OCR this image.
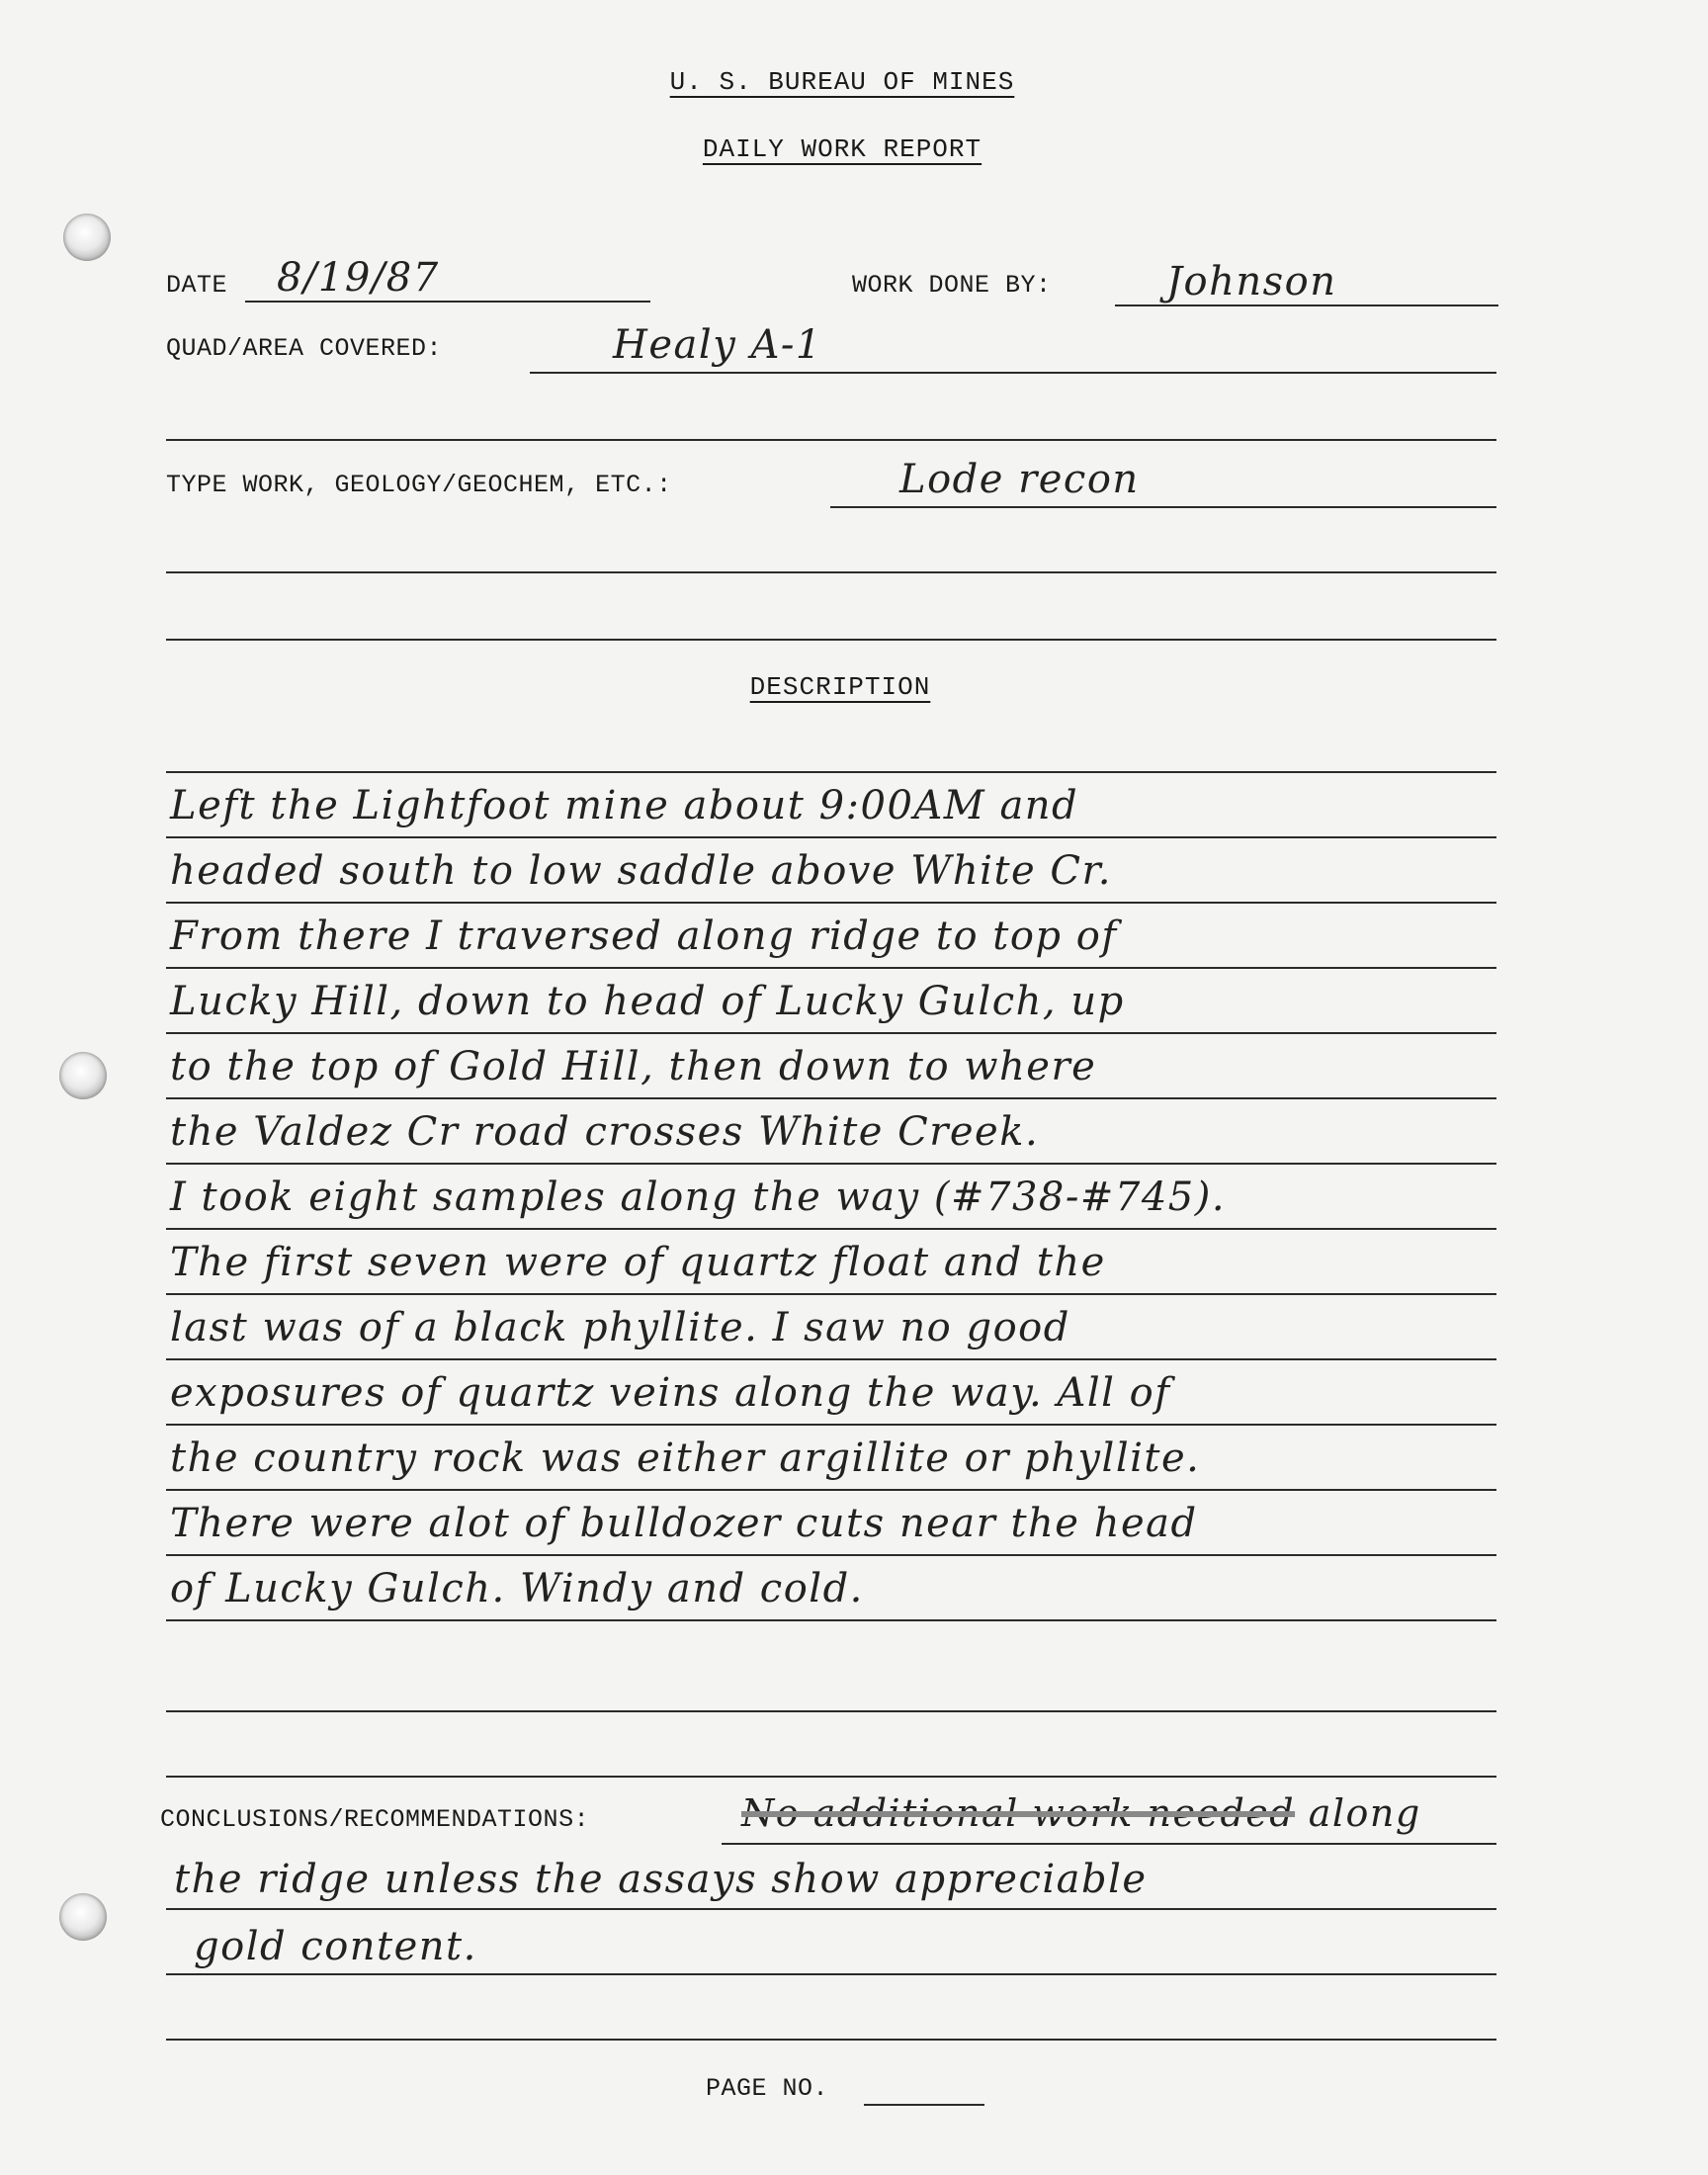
U. S. BUREAU OF MINES
DAILY WORK REPORT
DATE 8/19/87	WORK DONE BY:	Johnson
QUAD/AREA COVERED:	Healy A-1
TYPE WORK, GEOLOGY/GEOCHEM, ETC.:	Lode recon
DESCRIPTION
Left the Lightfoot mine about 9:00AM and
headed south to low saddle above White Cr.
From there I traversed along ridge to top of
Lucky Hill, down to head of Lucky Gulch, up
to the top of Gold Hill, then down to where
the Valdez Cr road crosses White Creek.
I took eight samples along the way (#738-#745).
The first seven were of quartz float and the
last was of a black phyllite. I saw no good
exposures of quartz veins along the way. All of
the country rock was either argillite or phyllite.
There were alot of bulldozer cuts near the head
of Lucky Gulch. Windy and cold.
CONCLUSIONS/RECOMMENDATIONS:	No additional work needed along
the ridge unless the assays show appreciable
gold content.
PAGE NO.
